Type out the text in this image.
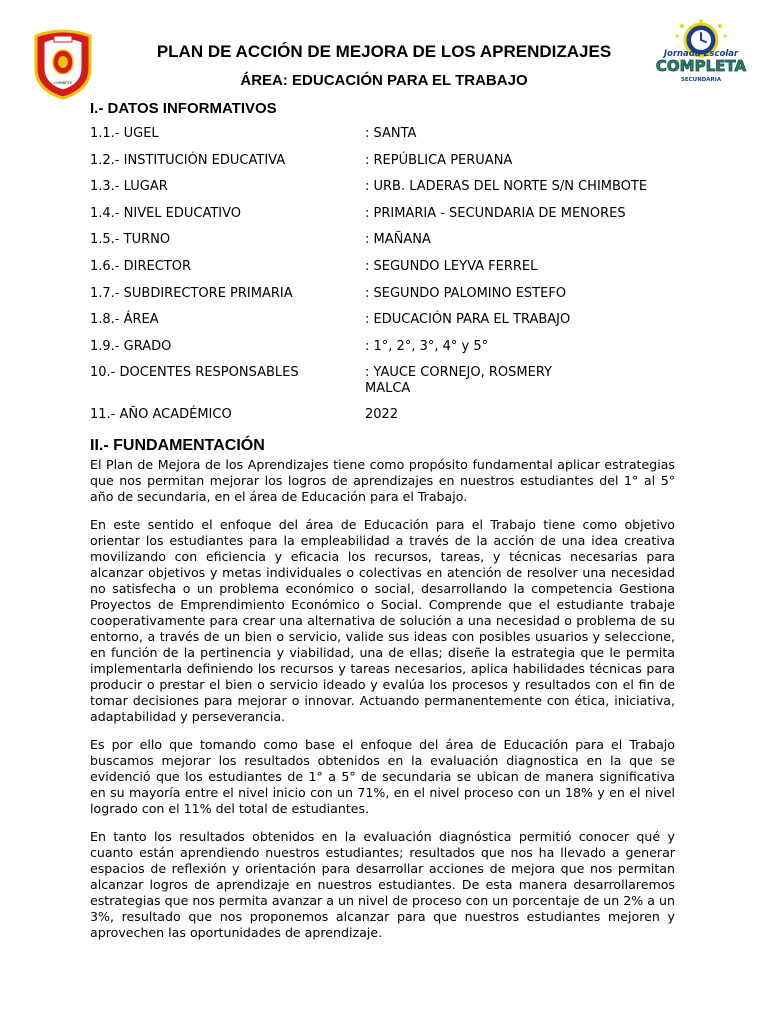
CHIMBOTE
Jornada Escolar
COMPLETA
SECUNDARIA
PLAN DE ACCIÓN DE MEJORA DE LOS APRENDIZAJES
ÁREA: EDUCACIÓN PARA EL TRABAJO
I.- DATOS INFORMATIVOS
1.1.- UGEL	: SANTA
1.2.- INSTITUCIÓN EDUCATIVA	: REPÚBLICA PERUANA
1.3.- LUGAR	: URB. LADERAS DEL NORTE S/N CHIMBOTE
1.4.- NIVEL EDUCATIVO	: PRIMARIA - SECUNDARIA DE MENORES
1.5.- TURNO	: MAÑANA
1.6.- DIRECTOR	: SEGUNDO LEYVA FERREL
1.7.- SUBDIRECTORE PRIMARIA	: SEGUNDO PALOMINO ESTEFO
1.8.- ÁREA	: EDUCACIÓN PARA EL TRABAJO
1.9.- GRADO	: 1°, 2°, 3°, 4° y 5°
10.- DOCENTES RESPONSABLES	: YAUCE CORNEJO, ROSMERY
MALCA
11.- AÑO ACADÉMICO	2022
II.- FUNDAMENTACIÓN

El Plan de Mejora de los Aprendizajes tiene como propósito fundamental aplicar estrategias que nos permitan mejorar los logros de aprendizajes en nuestros estudiantes del 1° al 5° año de secundaria, en el área de Educación para el Trabajo.

En este sentido el enfoque del área de Educación para el Trabajo tiene como objetivo orientar los estudiantes para la empleabilidad a través de la acción de una idea creativa movilizando con eficiencia y eficacia los recursos, tareas, y técnicas necesarias para alcanzar objetivos y metas individuales o colectivas en atención de resolver una necesidad no satisfecha o un problema económico o social, desarrollando la competencia Gestiona Proyectos de Emprendimiento Económico o Social. Comprende que el estudiante trabaje cooperativamente para crear una alternativa de solución a una necesidad o problema de su entorno, a través de un bien o servicio, valide sus ideas con posibles usuarios y seleccione, en función de la pertinencia y viabilidad, una de ellas; diseñe la estrategia que le permita implementarla definiendo los recursos y tareas necesarios, aplica habilidades técnicas para producir o prestar el bien o servicio ideado y evalúa los procesos y resultados con el fin de tomar decisiones para mejorar o innovar. Actuando permanentemente con ética, iniciativa, adaptabilidad y perseverancia.

Es por ello que tomando como base el enfoque del área de Educación para el Trabajo buscamos mejorar los resultados obtenidos en la evaluación diagnostica en la que se evidenció que los estudiantes de 1° a 5° de secundaria se ubican de manera significativa en su mayoría entre el nivel inicio con un 71%, en el nivel proceso con un 18% y en el nivel logrado con el 11% del total de estudiantes.

En tanto los resultados obtenidos en la evaluación diagnóstica permitió conocer qué y cuanto están aprendiendo nuestros estudiantes; resultados que nos ha llevado a generar espacios de reflexión y orientación para desarrollar acciones de mejora que nos permitan alcanzar logros de aprendizaje en nuestros estudiantes. De esta manera desarrollaremos estrategias que nos permita avanzar a un nivel de proceso con un porcentaje de un 2% a un 3%, resultado que nos proponemos alcanzar para que nuestros estudiantes mejoren y aprovechen las oportunidades de aprendizaje.
